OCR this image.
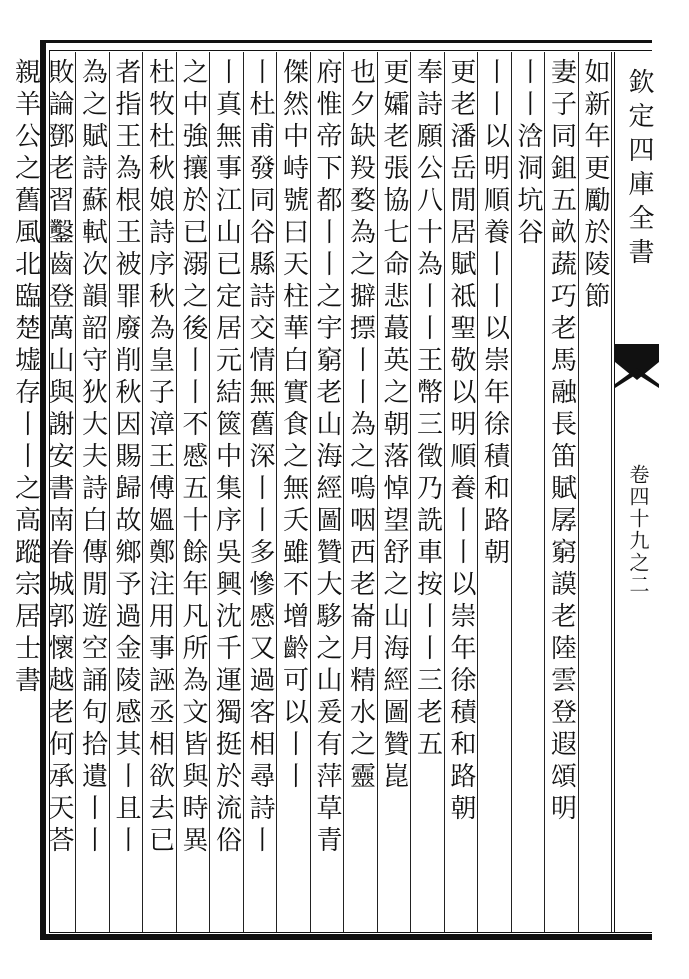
欽定四庫全書
卷四十九之二
如新年更勵於陵節
妻子同鉏五畝蔬巧老馬融長笛賦孱窮謨老陸雲登遐頌明
丨丨浛洞坑谷
丨丨以明順養丨丨以崇年徐積和路朝
更老潘岳閒居賦祗聖敬以明順養丨丨以崇年徐積和路朝
奉詩願公八十為丨丨王幣三徵乃詵車按丨丨三老五
更孀老張協七命悲蕞英之朝落悼望舒之山海經圖贊崑
也夕缺羖婺為之擗摽丨丨為之嗚咽西老崙月精水之靈
府惟帝下都丨丨之宇窮老山海經圖贊大䮈之山爰有萍草青
傑然中峙號曰天柱華白實食之無夭雖不增齡可以丨丨
丨杜甫發同谷縣詩交情無舊深丨丨多慘慼又過客相尋詩丨
丨真無事江山已定居元結篋中集序吳興沈千運獨挺於流俗
之中強攘於已溺之後丨丨不慼五十餘年凡所為文皆與時異
杜牧杜秋娘詩序秋為皇子漳王傅媼鄭注用事誣丞相欲去已
者指王為根王被罪廢削秋因賜歸故鄉予過金陵感其丨且丨
為之賦詩蘇軾次韻韶守狄大夫詩白傳閒遊空誦句拾遺丨丨
敗論鄧老習鑿齒登萬山與謝安書南眷城郭懷越老何承天荅
親羊公之舊風北臨楚墟存丨丨之高蹤宗居士書
